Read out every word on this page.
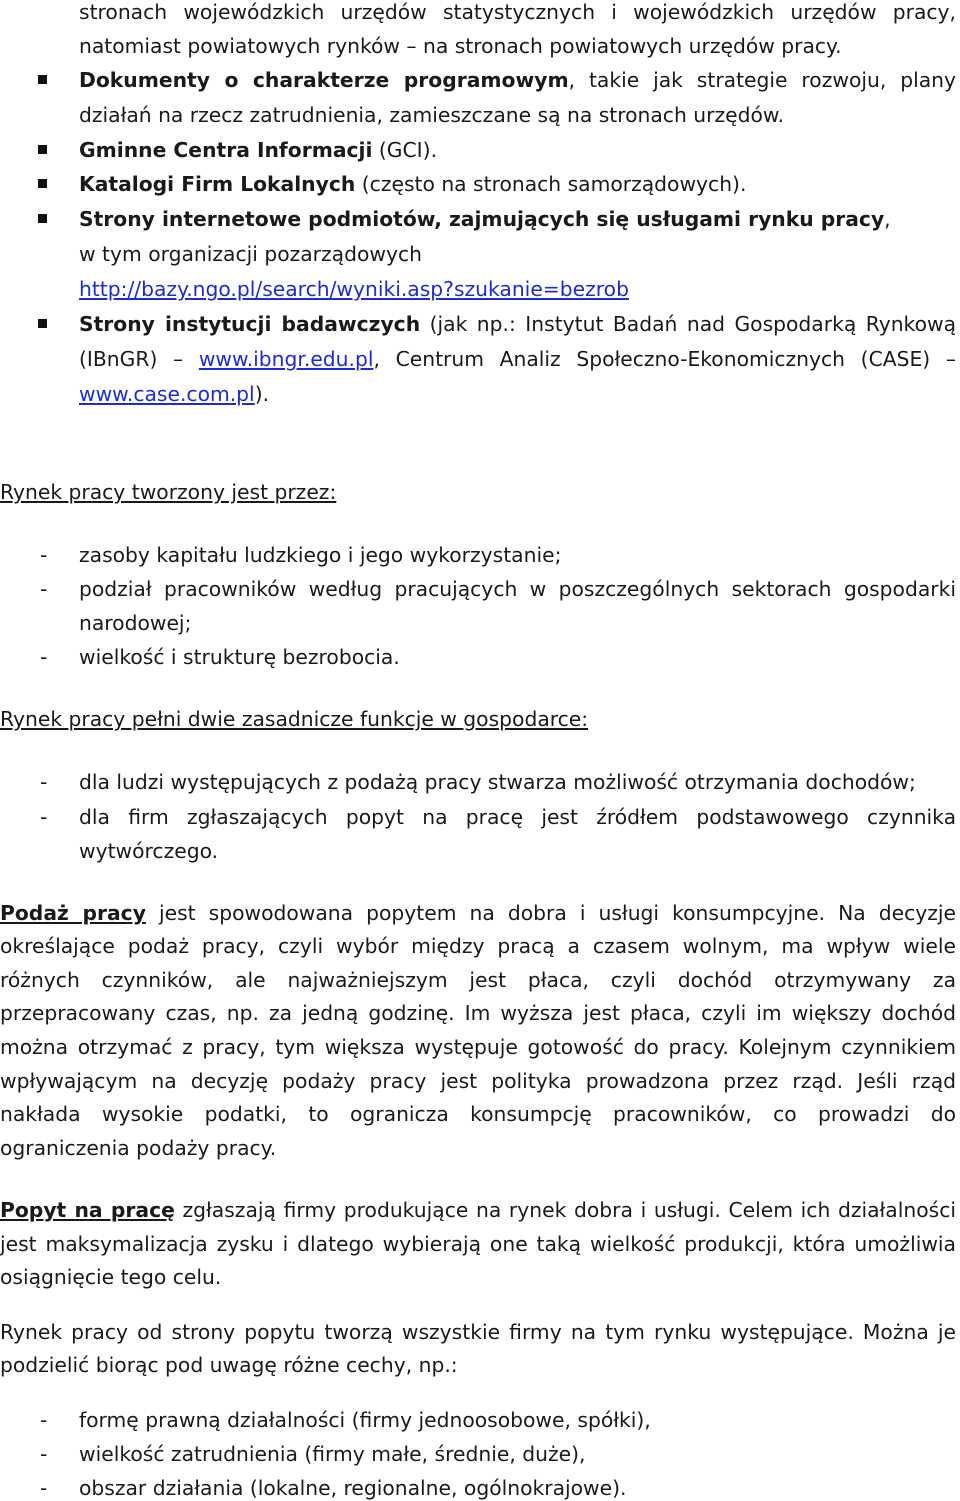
stronach wojewódzkich urzędów statystycznych i wojewódzkich urzędów pracy,
natomiast powiatowych rynków – na stronach powiatowych urzędów pracy.
Dokumenty o charakterze programowym, takie jak strategie rozwoju, plany
działań na rzecz zatrudnienia, zamieszczane są na stronach urzędów.
Gminne Centra Informacji (GCI).
Katalogi Firm Lokalnych (często na stronach samorządowych).
Strony internetowe podmiotów, zajmujących się usługami rynku pracy,
w tym organizacji pozarządowych
http://bazy.ngo.pl/search/wyniki.asp?szukanie=bezrob
Strony instytucji badawczych (jak np.: Instytut Badań nad Gospodarką Rynkową
(IBnGR) – www.ibngr.edu.pl, Centrum Analiz Społeczno-Ekonomicznych (CASE) –
www.case.com.pl).
Rynek pracy tworzony jest przez:
- zasoby kapitału ludzkiego i jego wykorzystanie;
- podział pracowników według pracujących w poszczególnych sektorach gospodarki
narodowej;
- wielkość i strukturę bezrobocia.
Rynek pracy pełni dwie zasadnicze funkcje w gospodarce:
- dla ludzi występujących z podażą pracy stwarza możliwość otrzymania dochodów;
- dla firm zgłaszających popyt na pracę jest źródłem podstawowego czynnika
wytwórczego.
Podaż pracy jest spowodowana popytem na dobra i usługi konsumpcyjne. Na decyzje
określające podaż pracy, czyli wybór między pracą a czasem wolnym, ma wpływ wiele
różnych czynników, ale najważniejszym jest płaca, czyli dochód otrzymywany za
przepracowany czas, np. za jedną godzinę. Im wyższa jest płaca, czyli im większy dochód
można otrzymać z pracy, tym większa występuje gotowość do pracy. Kolejnym czynnikiem
wpływającym na decyzję podaży pracy jest polityka prowadzona przez rząd. Jeśli rząd
nakłada wysokie podatki, to ogranicza konsumpcję pracowników, co prowadzi do
ograniczenia podaży pracy.
Popyt na pracę zgłaszają firmy produkujące na rynek dobra i usługi. Celem ich działalności
jest maksymalizacja zysku i dlatego wybierają one taką wielkość produkcji, która umożliwia
osiągnięcie tego celu.
Rynek pracy od strony popytu tworzą wszystkie firmy na tym rynku występujące. Można je
podzielić biorąc pod uwagę różne cechy, np.:
- formę prawną działalności (firmy jednoosobowe, spółki),
- wielkość zatrudnienia (firmy małe, średnie, duże),
- obszar działania (lokalne, regionalne, ogólnokrajowe).
